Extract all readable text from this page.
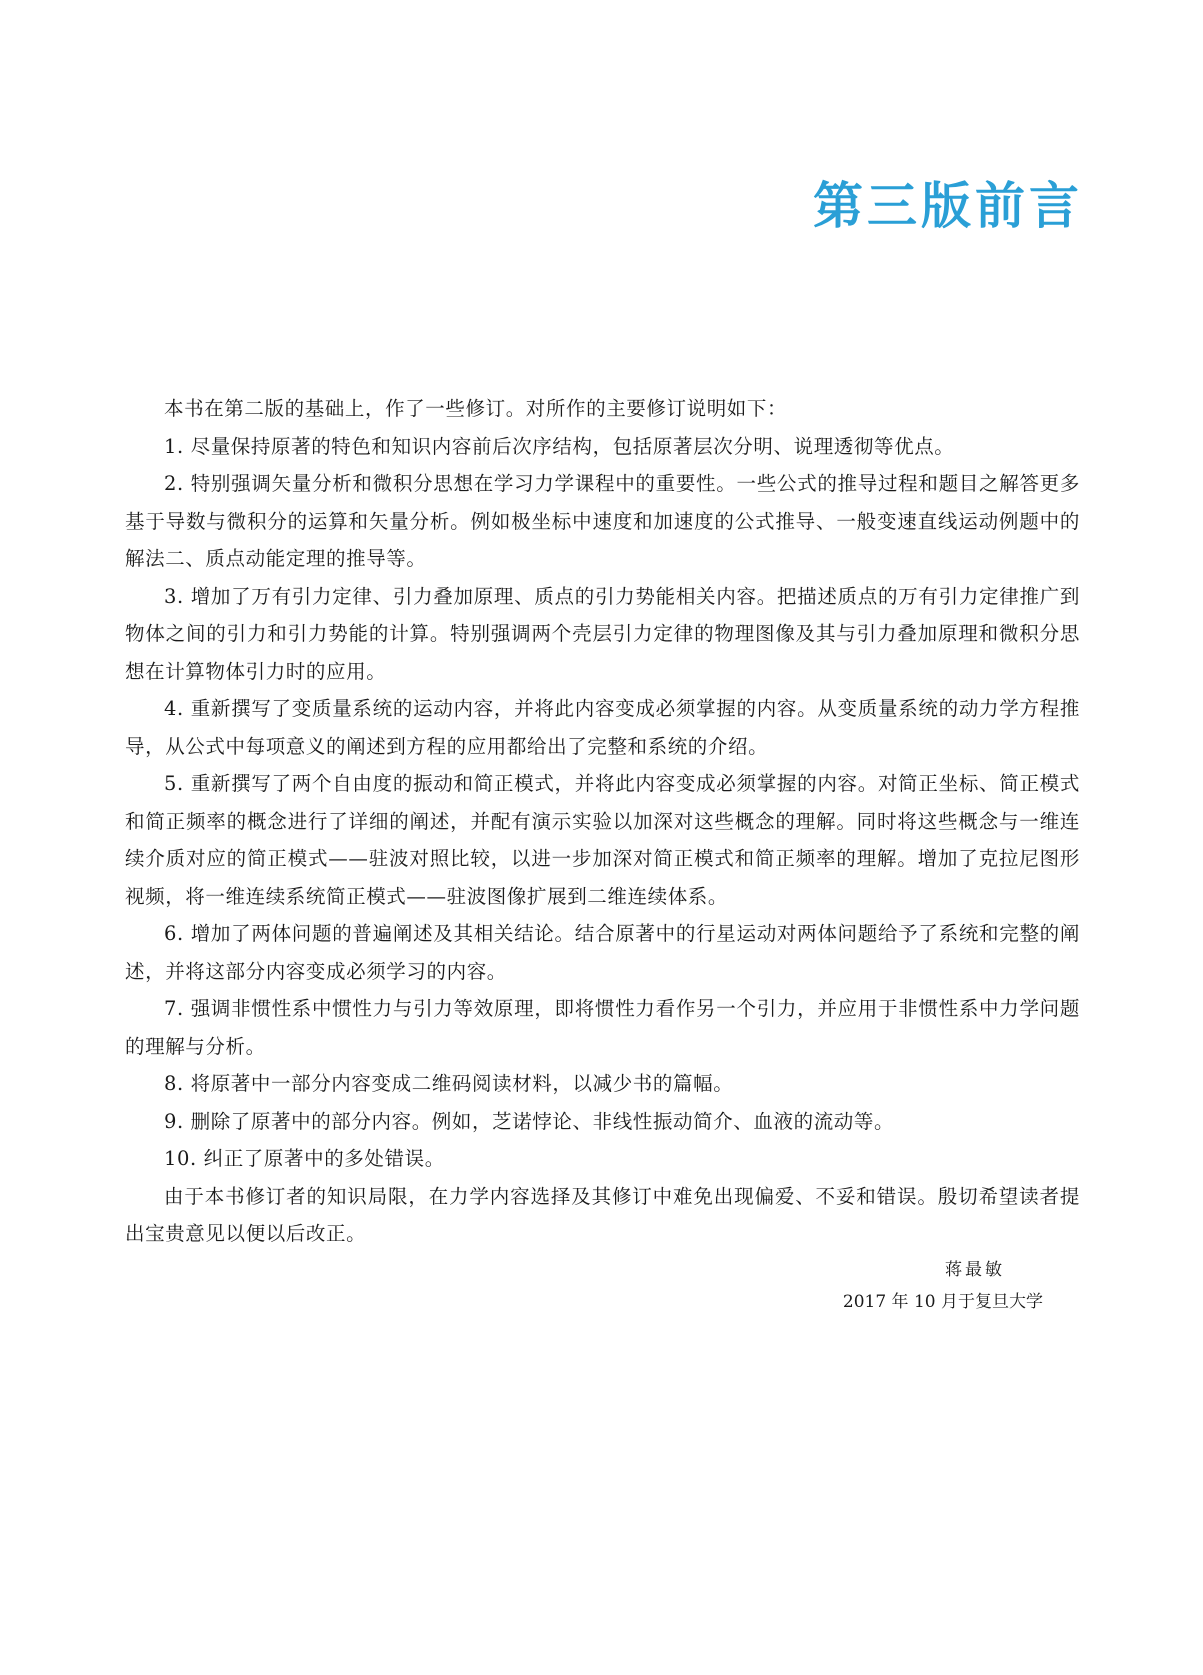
第三版前言

本书在第二版的基础上，作了一些修订。对所作的主要修订说明如下：

1. 尽量保持原著的特色和知识内容前后次序结构，包括原著层次分明、说理透彻等优点。

2. 特别强调矢量分析和微积分思想在学习力学课程中的重要性。一些公式的推导过程和题目之解答更多基于导数与微积分的运算和矢量分析。例如极坐标中速度和加速度的公式推导、一般变速直线运动例题中的解法二、质点动能定理的推导等。

3. 增加了万有引力定律、引力叠加原理、质点的引力势能相关内容。把描述质点的万有引力定律推广到物体之间的引力和引力势能的计算。特别强调两个壳层引力定律的物理图像及其与引力叠加原理和微积分思想在计算物体引力时的应用。

4. 重新撰写了变质量系统的运动内容，并将此内容变成必须掌握的内容。从变质量系统的动力学方程推导，从公式中每项意义的阐述到方程的应用都给出了完整和系统的介绍。

5. 重新撰写了两个自由度的振动和简正模式，并将此内容变成必须掌握的内容。对简正坐标、简正模式和简正频率的概念进行了详细的阐述，并配有演示实验以加深对这些概念的理解。同时将这些概念与一维连续介质对应的简正模式——驻波对照比较，以进一步加深对简正模式和简正频率的理解。增加了克拉尼图形视频，将一维连续系统简正模式——驻波图像扩展到二维连续体系。

6. 增加了两体问题的普遍阐述及其相关结论。结合原著中的行星运动对两体问题给予了系统和完整的阐述，并将这部分内容变成必须学习的内容。

7. 强调非惯性系中惯性力与引力等效原理，即将惯性力看作另一个引力，并应用于非惯性系中力学问题的理解与分析。

8. 将原著中一部分内容变成二维码阅读材料，以减少书的篇幅。

9. 删除了原著中的部分内容。例如，芝诺悖论、非线性振动简介、血液的流动等。

10. 纠正了原著中的多处错误。

由于本书修订者的知识局限，在力学内容选择及其修订中难免出现偏爱、不妥和错误。殷切希望读者提出宝贵意见以便以后改正。

蒋最敏
2017 年 10 月于复旦大学
